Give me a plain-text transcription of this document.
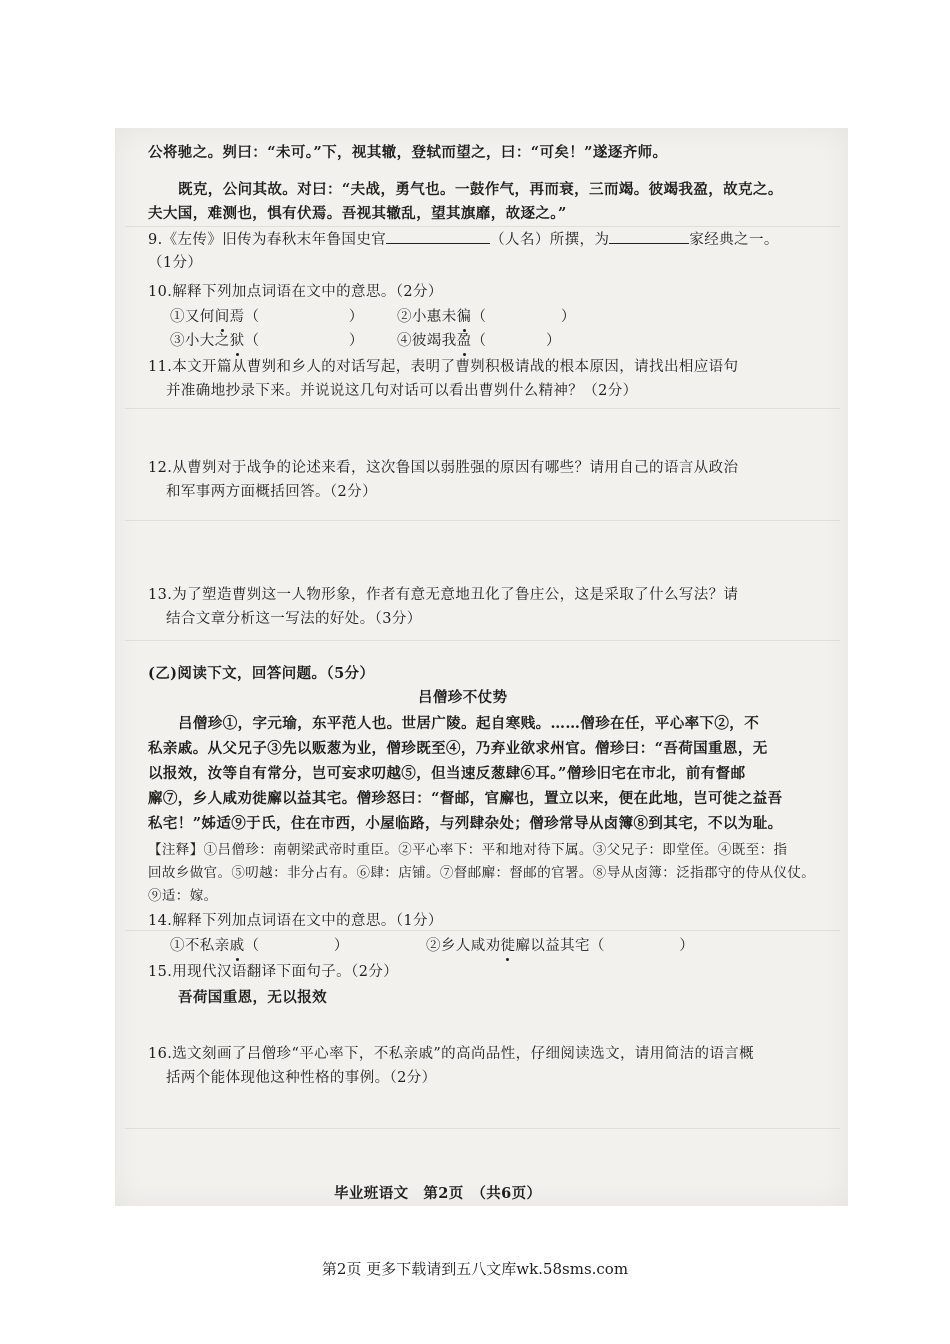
公将驰之。刿曰：“未可。”下，视其辙，登轼而望之，曰：“可矣！”遂逐齐师。
既克，公问其故。对曰：“夫战，勇气也。一鼓作气，再而衰，三而竭。彼竭我盈，故克之。
夫大国，难测也，惧有伏焉。吾视其辙乱，望其旗靡，故逐之。”
9.《左传》旧传为春秋末年鲁国史官	（人名）所撰，为	家经典之一。
（1分）
10.解释下列加点词语在文中的意思。（2分）
①又何间焉（　　　　　　） ②小惠未徧（　　　　　）
③小大之狱（　　　　　　） ④彼竭我盈（　　　　）
11.本文开篇从曹刿和乡人的对话写起，表明了曹刿积极请战的根本原因，请找出相应语句
并准确地抄录下来。并说说这几句对话可以看出曹刿什么精神？（2分）
12.从曹刿对于战争的论述来看，这次鲁国以弱胜强的原因有哪些？请用自己的语言从政治
和军事两方面概括回答。（2分）
13.为了塑造曹刿这一人物形象，作者有意无意地丑化了鲁庄公，这是采取了什么写法？请
结合文章分析这一写法的好处。（3分）
(乙)阅读下文，回答问题。（5分）
吕僧珍不仗势
吕僧珍①，字元瑜，东平范人也。世居广陵。起自寒贱。……僧珍在任，平心率下②，不
私亲戚。从父兄子③先以贩葱为业，僧珍既至④，乃弃业欲求州官。僧珍曰：“吾荷国重恩，无
以报效，汝等自有常分，岂可妄求叨越⑤，但当速反葱肆⑥耳。”僧珍旧宅在市北，前有督邮
廨⑦，乡人咸劝徙廨以益其宅。僧珍怒曰：“督邮，官廨也，置立以来，便在此地，岂可徙之益吾
私宅！”姊适⑨于氏，住在市西，小屋临路，与列肆杂处；僧珍常导从卤簿⑧到其宅，不以为耻。
【注释】①吕僧珍：南朝梁武帝时重臣。②平心率下：平和地对待下属。③父兄子：即堂侄。④既至：指
回故乡做官。⑤叨越：非分占有。⑥肆：店铺。⑦督邮廨：督邮的官署。⑧导从卤簿：泛指郡守的侍从仪仗。
⑨适：嫁。
14.解释下列加点词语在文中的意思。（1分）
①不私亲戚（　　　　　）	②乡人咸劝徙廨以益其宅（　　　　　）
15.用现代汉语翻译下面句子。（2分）
吾荷国重恩，无以报效
16.选文刻画了吕僧珍“平心率下，不私亲戚”的高尚品性，仔细阅读选文，请用简洁的语言概
括两个能体现他这种性格的事例。（2分）
毕业班语文　第2页　（共6页）
第2页 更多下载请到五八文库wk.58sms.com
